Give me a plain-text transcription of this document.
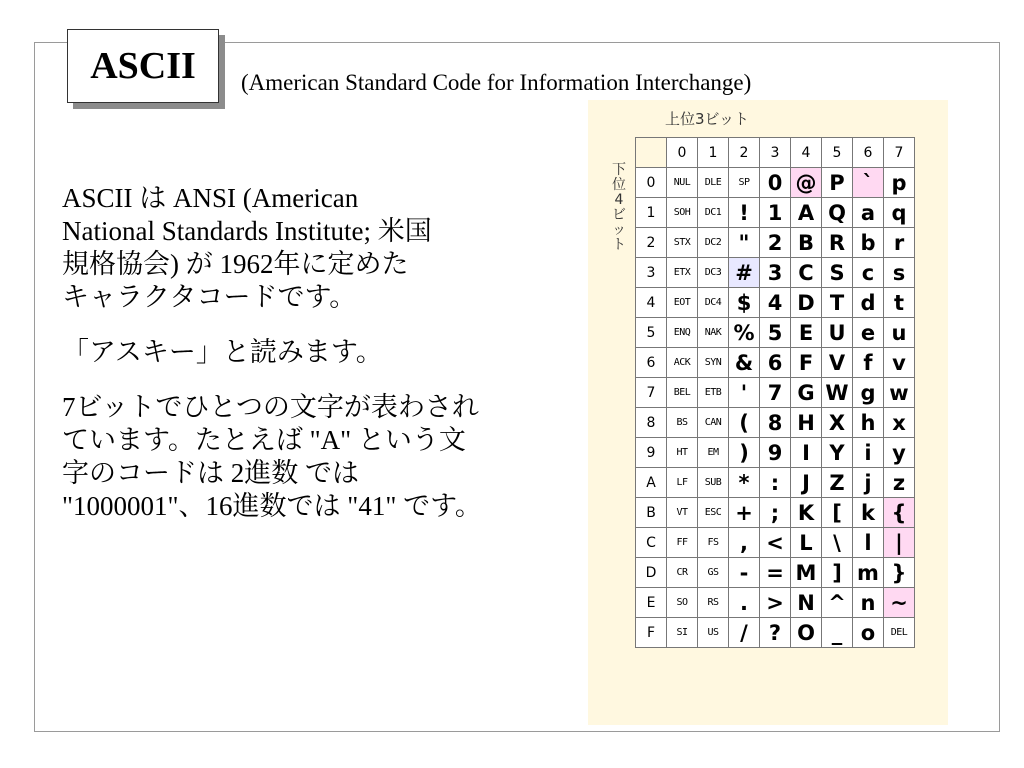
ASCII	(American Standard Code for Information Interchange)

ASCII は ANSI (American
National Standards Institute; 米国
規格協会) が 1962年に定めた
キャラクタコードです。

「アスキー」と読みます。

7ビットでひとつの文字が表わされ
ています。たとえば "A" という文
字のコードは 2進数 では
"1000001"、16進数では "41" です。

上位3ビット
下
位
4
ビ
ッ
ト
	0	1	2	3	4	5	6	7
0	NUL	DLE	SP	0	@	P	`	p
1	SOH	DC1	!	1	A	Q	a	q
2	STX	DC2	"	2	B	R	b	r
3	ETX	DC3	#	3	C	S	c	s
4	EOT	DC4	$	4	D	T	d	t
5	ENQ	NAK	%	5	E	U	e	u
6	ACK	SYN	&	6	F	V	f	v
7	BEL	ETB	'	7	G	W	g	w
8	BS	CAN	(	8	H	X	h	x
9	HT	EM	)	9	I	Y	i	y
A	LF	SUB	*	:	J	Z	j	z
B	VT	ESC	+	;	K	[	k	{
C	FF	FS	,	<	L	\	l	|
D	CR	GS	-	=	M	]	m	}
E	SO	RS	.	>	N	^	n	~
F	SI	US	/	?	O	_	o	DEL
